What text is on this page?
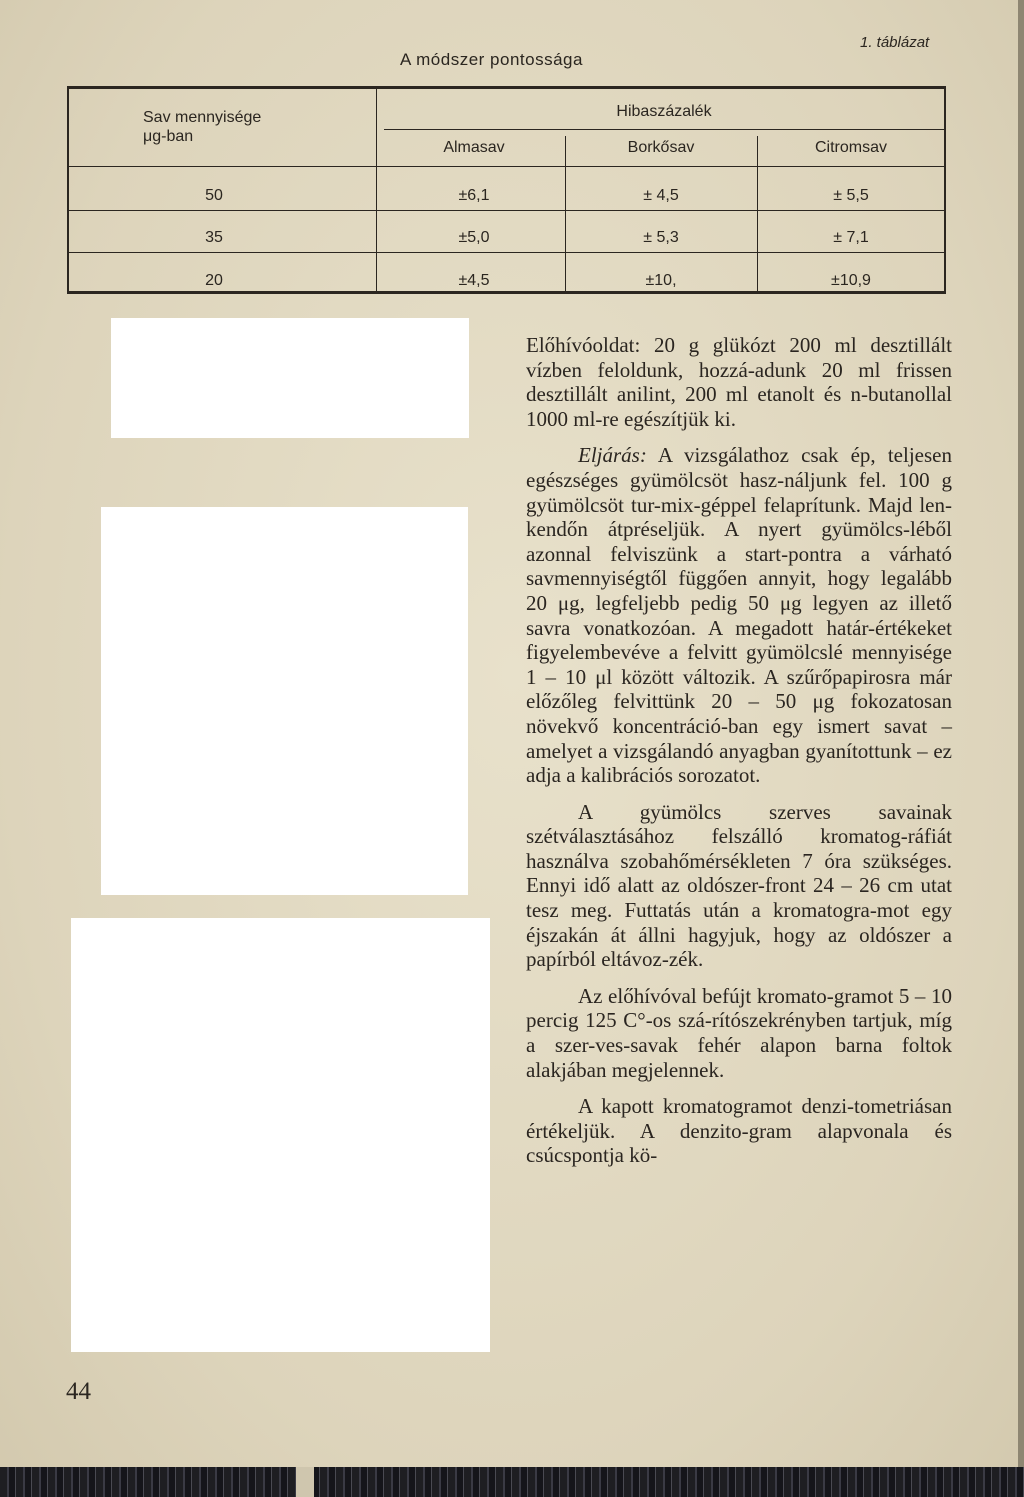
A módszer pontossága
1. táblázat
Sav mennyisége
μg-ban
Hibaszázalék
Almasav	Borkősav	Citromsav
50	±6,1	± 4,5	± 5,5
35	±5,0	± 5,3	± 7,1
20	±4,5	±10,	±10,9

Előhívóoldat: 20 g glükózt 200 ml desztillált vízben feloldunk, hozzá-adunk 20 ml frissen desztillált anilint, 200 ml etanolt és n-butanollal 1000 ml-re egészítjük ki.

Eljárás: A vizsgálathoz csak ép, teljesen egészséges gyümölcsöt hasz-náljunk fel. 100 g gyümölcsöt tur-mix-géppel felaprítunk. Majd len-kendőn átpréseljük. A nyert gyümölcs-léből azonnal felviszünk a start-pontra a várható savmennyiségtől függően annyit, hogy legalább 20 μg, legfeljebb pedig 50 μg legyen az illető savra vonatkozóan. A megadott határ-értékeket figyelembevéve a felvitt gyümölcslé mennyisége 1 – 10 μl között változik. A szűrőpapirosra már előzőleg felvittünk 20 – 50 μg fokozatosan növekvő koncentráció-ban egy ismert savat – amelyet a vizsgálandó anyagban gyanítottunk – ez adja a kalibrációs sorozatot.

A gyümölcs szerves savainak szétválasztásához felszálló kromatog-ráfiát használva szobahőmérsékleten 7 óra szükséges. Ennyi idő alatt az oldószer-front 24 – 26 cm utat tesz meg. Futtatás után a kromatogra-mot egy éjszakán át állni hagyjuk, hogy az oldószer a papírból eltávoz-zék.

Az előhívóval befújt kromato-gramot 5 – 10 percig 125 C°-os szá-rítószekrényben tartjuk, míg a szer-ves-savak fehér alapon barna foltok alakjában megjelennek.

A kapott kromatogramot denzi-tometriásan értékeljük. A denzito-gram alapvonala és csúcspontja kö-

44
